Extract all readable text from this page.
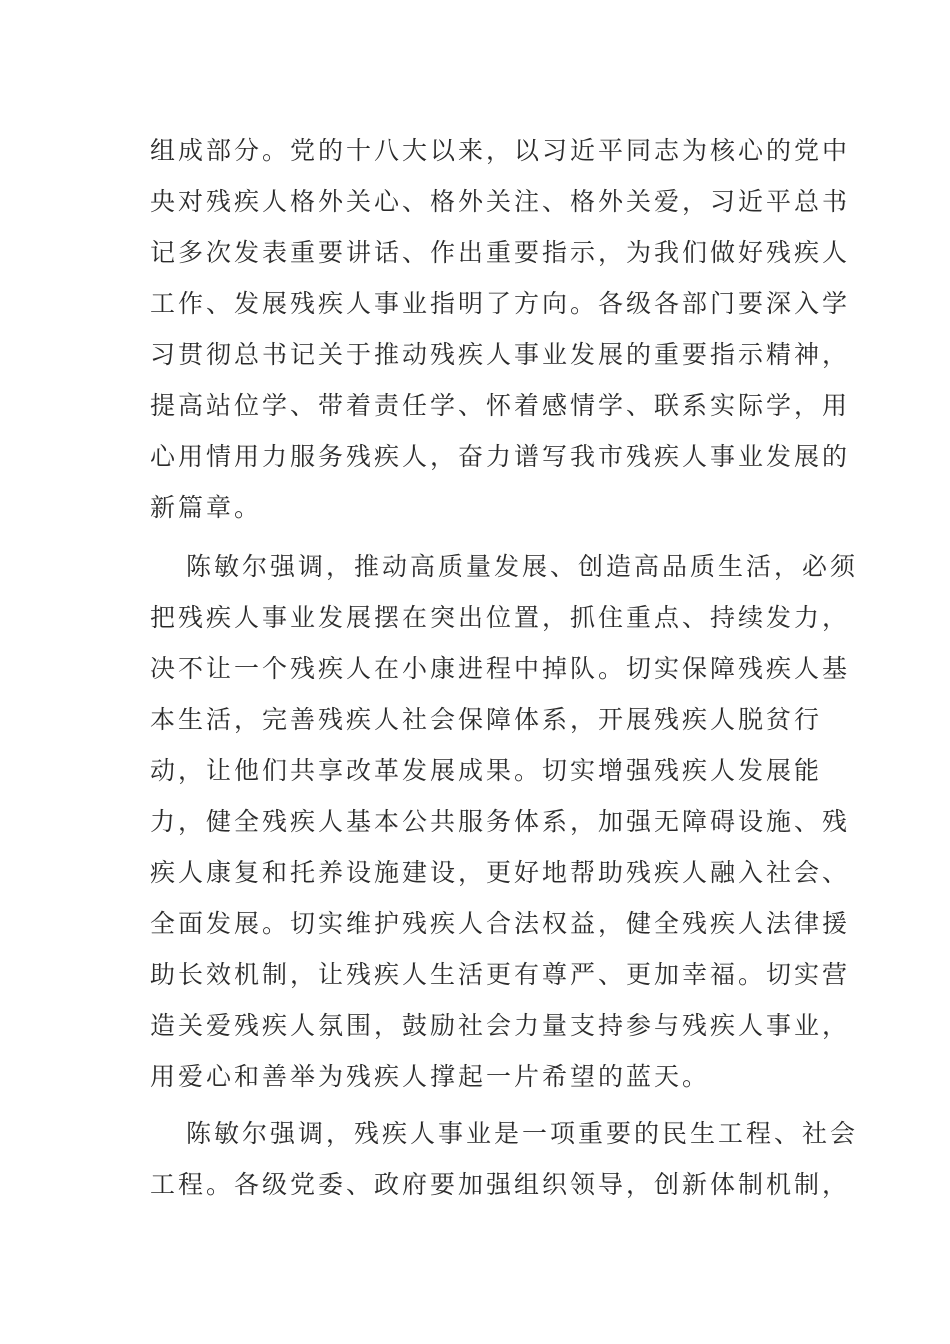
组成部分。党的十八大以来，以习近平同志为核心的党中
央对残疾人格外关心、格外关注、格外关爱，习近平总书
记多次发表重要讲话、作出重要指示，为我们做好残疾人
工作、发展残疾人事业指明了方向。各级各部门要深入学
习贯彻总书记关于推动残疾人事业发展的重要指示精神，
提高站位学、带着责任学、怀着感情学、联系实际学，用
心用情用力服务残疾人，奋力谱写我市残疾人事业发展的
新篇章。
陈敏尔强调，推动高质量发展、创造高品质生活，必须
把残疾人事业发展摆在突出位置，抓住重点、持续发力，
决不让一个残疾人在小康进程中掉队。切实保障残疾人基
本生活，完善残疾人社会保障体系，开展残疾人脱贫行
动，让他们共享改革发展成果。切实增强残疾人发展能
力，健全残疾人基本公共服务体系，加强无障碍设施、残
疾人康复和托养设施建设，更好地帮助残疾人融入社会、
全面发展。切实维护残疾人合法权益，健全残疾人法律援
助长效机制，让残疾人生活更有尊严、更加幸福。切实营
造关爱残疾人氛围，鼓励社会力量支持参与残疾人事业，
用爱心和善举为残疾人撑起一片希望的蓝天。
陈敏尔强调，残疾人事业是一项重要的民生工程、社会
工程。各级党委、政府要加强组织领导，创新体制机制，
